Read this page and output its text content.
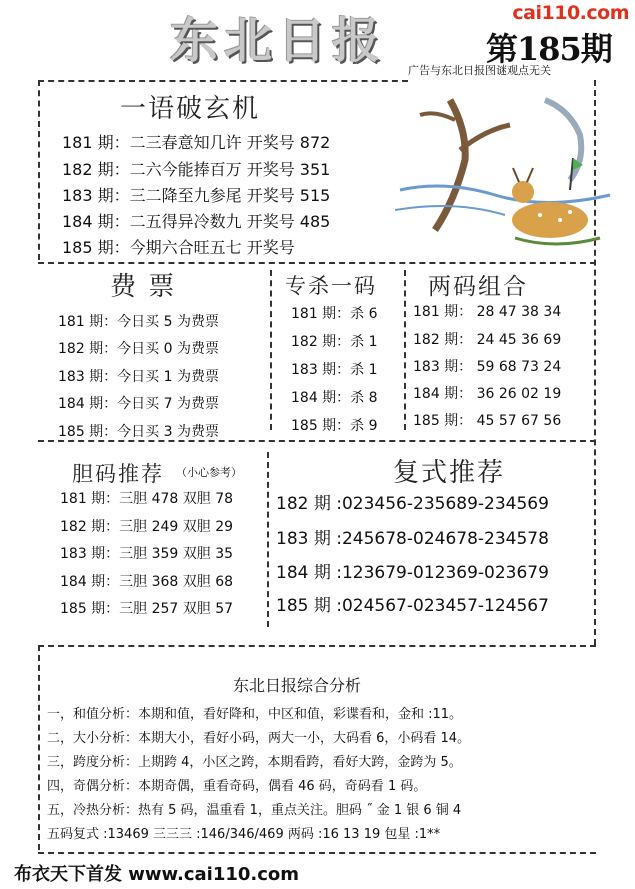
东北日报	cai110.com
第185期
广告与东北日报图谜观点无关
一语破玄机
181 期：二三春意知几许 开奖号 872
182 期：二六今能捧百万 开奖号 351
183 期：三二降至九参尾 开奖号 515
184 期：二五得异冷数九 开奖号 485
185 期：今期六合旺五七 开奖号
费 票
181 期：今日买 5 为费票
182 期：今日买 0 为费票
183 期：今日买 1 为费票
184 期：今日买 7 为费票
185 期：今日买 3 为费票
专杀一码
181 期：杀 6
182 期：杀 1
183 期：杀 1
184 期：杀 8
185 期：杀 9
两码组合
181 期： 28 47 38 34
182 期： 24 45 36 69
183 期： 59 68 73 24
184 期： 36 26 02 19
185 期： 45 57 67 56
胆码推荐 （小心参考）
181 期：三胆 478 双胆 78
182 期：三胆 249 双胆 29
183 期：三胆 359 双胆 35
184 期：三胆 368 双胆 68
185 期：三胆 257 双胆 57
复式推荐
182 期 :023456-235689-234569
183 期 :245678-024678-234578
184 期 :123679-012369-023679
185 期 :024567-023457-124567
东北日报综合分析
一，和值分析：本期和值，看好降和，中区和值，彩谍看和，金和 :11。
二，大小分析：本期大小，看好小码，两大一小，大码看 6，小码看 14。
三，跨度分析：上期跨 4，小区之跨，本期看跨，看好大跨，金跨为 5。
四，奇偶分析：本期奇偶，重看奇码，偶看 46 码，奇码看 1 码。
五，冷热分析：热有 5 码，温重看 1，重点关注。胆码 ˝ 金 1 银 6 铜 4
五码复式 :13469 三三三 :146/346/469 两码 :16 13 19 包星 :1**
布衣天下首发 www.cai110.com
